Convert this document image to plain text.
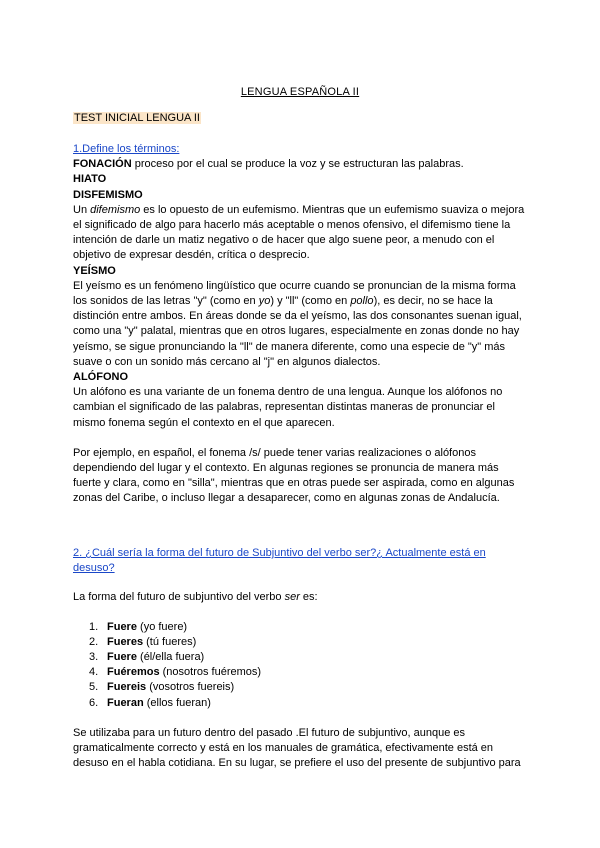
LENGUA ESPAÑOLA II
TEST INICIAL LENGUA II
1.Define los términos:
FONACIÓN proceso por el cual se produce la voz y se estructuran las palabras.
HIATO
DISFEMISMO

Un difemismo es lo opuesto de un eufemismo. Mientras que un eufemismo suaviza o mejora el significado de algo para hacerlo más aceptable o menos ofensivo, el difemismo tiene la intención de darle un matiz negativo o de hacer que algo suene peor, a menudo con el objetivo de expresar desdén, crítica o desprecio.

YEÍSMO

El yeísmo es un fenómeno lingüístico que ocurre cuando se pronuncian de la misma forma los sonidos de las letras "y" (como en yo) y "ll" (como en pollo), es decir, no se hace la distinción entre ambos. En áreas donde se da el yeísmo, las dos consonantes suenan igual, como una "y" palatal, mientras que en otros lugares, especialmente en zonas donde no hay yeísmo, se sigue pronunciando la "ll" de manera diferente, como una especie de "y" más suave o con un sonido más cercano al "j" en algunos dialectos.

ALÓFONO

Un alófono es una variante de un fonema dentro de una lengua. Aunque los alófonos no cambian el significado de las palabras, representan distintas maneras de pronunciar el mismo fonema según el contexto en el que aparecen.

Por ejemplo, en español, el fonema /s/ puede tener varias realizaciones o alófonos dependiendo del lugar y el contexto. En algunas regiones se pronuncia de manera más fuerte y clara, como en "silla", mientras que en otras puede ser aspirada, como en algunas zonas del Caribe, o incluso llegar a desaparecer, como en algunas zonas de Andalucía.

2. ¿Cuál sería la forma del futuro de Subjuntivo del verbo ser?¿ Actualmente está en desuso?

La forma del futuro de subjuntivo del verbo ser es:

1. Fuere (yo fuere)
2. Fueres (tú fueres)
3. Fuere (él/ella fuera)
4. Fuéremos (nosotros fuéremos)
5. Fuereis (vosotros fuereis)
6. Fueran (ellos fueran)

Se utilizaba para un futuro dentro del pasado .El futuro de subjuntivo, aunque es gramaticalmente correcto y está en los manuales de gramática, efectivamente está en desuso en el habla cotidiana. En su lugar, se prefiere el uso del presente de subjuntivo para
